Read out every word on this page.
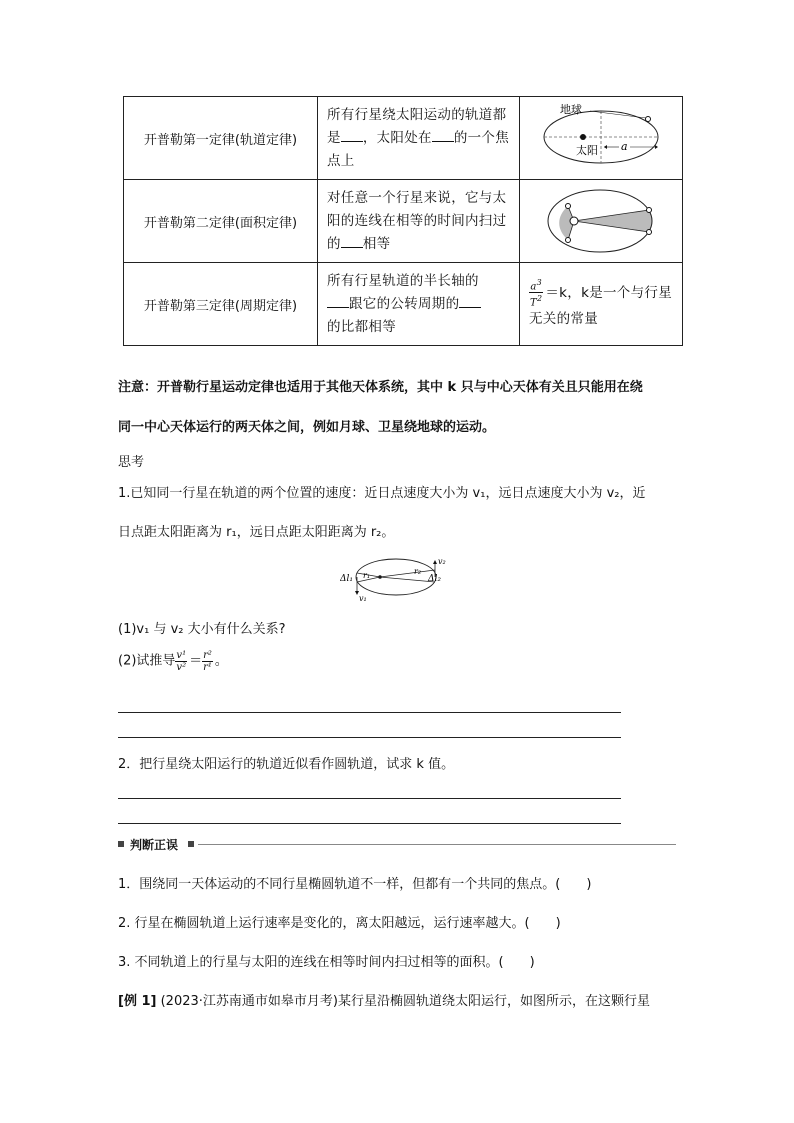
开普勒第一定律(轨道定律)	所有行星绕太阳运动的轨道都是 ，太阳处在 的一个焦点上	地球
太阳 a

开普勒第二定律(面积定律)	对任意一个行星来说，它与太阳的连线在相等的时间内扫过的 相等	

开普勒第三定律(周期定律)	所有行星轨道的半长轴的
跟它的公转周期的
的比都相等	$\frac{a^3}{T^2} =k$，k是一个与行星无关的常量
注意：开普勒行星运动定律也适用于其他天体系统，其中 k 只与中心天体有关且只能用在绕
同一中心天体运行的两天体之间，例如月球、卫星绕地球的运动。
思考
1.已知同一行星在轨道的两个位置的速度：近日点速度大小为 v₁，远日点速度大小为 v₂，近
日点距太阳距离为 r₁，远日点距太阳距离为 r₂。
Δl₁	Δl₂
r₁	r₂
v₁
v₂
(1)v₁ 与 v₂ 大小有什么关系?
(2)试推导 $\frac{\text{v¹}}{\text{v²}} = \frac{\text{r²}}{\text{r¹}}$ 。
2．把行星绕太阳运行的轨道近似看作圆轨道，试求 k 值。
判断正误
1．围绕同一天体运动的不同行星椭圆轨道不一样，但都有一个共同的焦点。(　　)
2. 行星在椭圆轨道上运行速率是变化的，离太阳越远，运行速率越大。(　　)
3. 不同轨道上的行星与太阳的连线在相等时间内扫过相等的面积。(　　)
[例 1] (2023·江苏南通市如皋市月考)某行星沿椭圆轨道绕太阳运行，如图所示，在这颗行星
